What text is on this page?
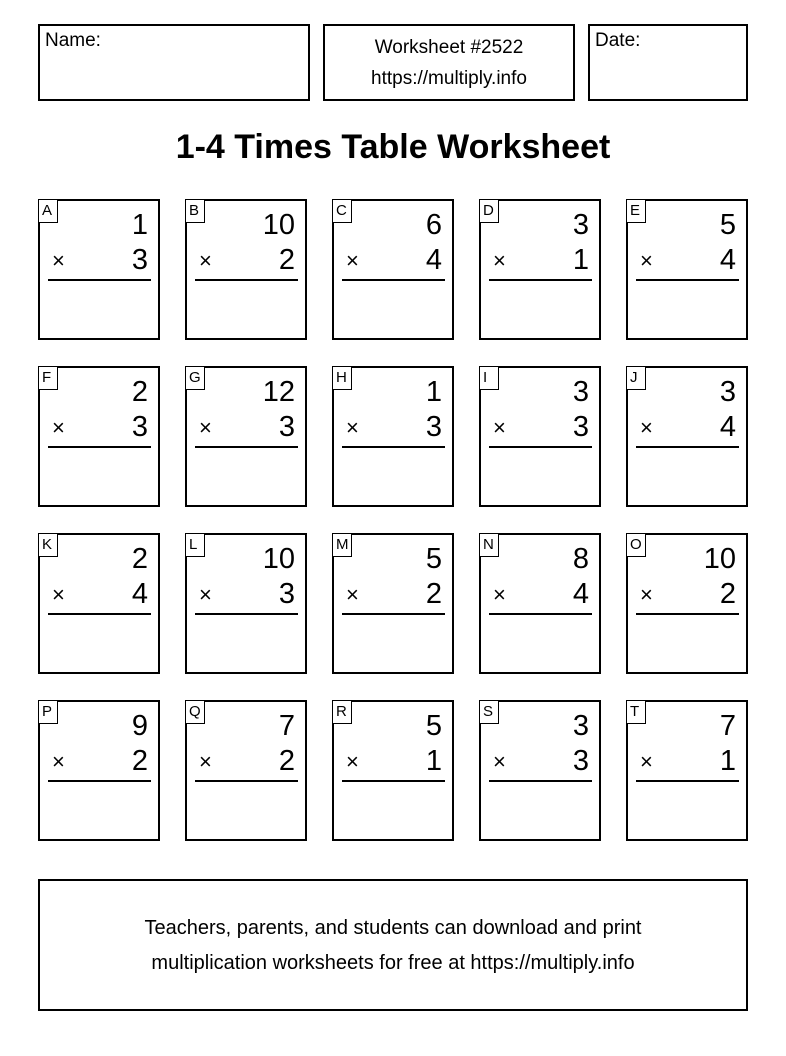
Name:	Worksheet #2522
https://multiply.info
Date:
1-4 Times Table Worksheet
A	1
× 3
B 10
× 2
C	6
× 4
D	3
× 1
E	5
× 4
F	2
× 3
G 12
× 3
H	1
× 3
I	3
× 3
J	3
× 4
K	2
× 4
L 10
× 3
M	5
× 2
N	8
× 4
O 10
× 2
P	9
× 2
Q	7
× 2
R	5
× 1
S	3
× 3
T	7
× 1
Teachers, parents, and students can download and print
multiplication worksheets for free at https://multiply.info
